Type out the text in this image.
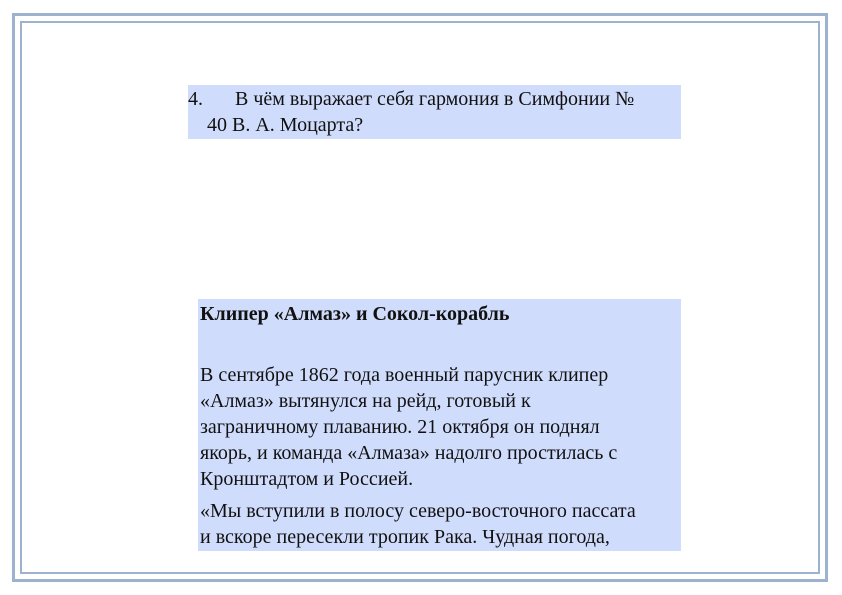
4. В чём выражает себя гармония в Симфонии №
40 В. А. Моцарта?
Клипер «Алмаз» и Сокол-корабль
В сентябре 1862 года военный парусник клипер
«Алмаз» вытянулся на рейд, готовый к
заграничному плаванию. 21 октября он поднял
якорь, и команда «Алмаза» надолго простилась с
Кронштадтом и Россией.
«Мы вступили в полосу северо-восточного пассата
и вскоре пересекли тропик Рака. Чудная погода,
